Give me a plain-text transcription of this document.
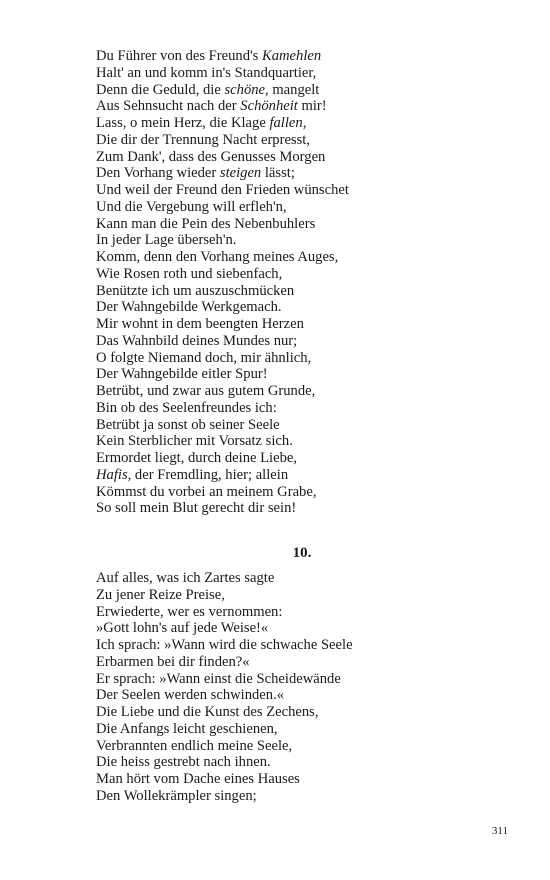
Du Führer von des Freund's Kamehlen
Halt' an und komm in's Standquartier,
Denn die Geduld, die schöne, mangelt
Aus Sehnsucht nach der Schönheit mir!
Lass, o mein Herz, die Klage fallen,
Die dir der Trennung Nacht erpresst,
Zum Dank', dass des Genusses Morgen
Den Vorhang wieder steigen lässt;
Und weil der Freund den Frieden wünschet
Und die Vergebung will erfleh'n,
Kann man die Pein des Nebenbuhlers
In jeder Lage überseh'n.
Komm, denn den Vorhang meines Auges,
Wie Rosen roth und siebenfach,
Benützte ich um auszuschmücken
Der Wahngebilde Werkgemach.
Mir wohnt in dem beengten Herzen
Das Wahnbild deines Mundes nur;
O folgte Niemand doch, mir ähnlich,
Der Wahngebilde eitler Spur!
Betrübt, und zwar aus gutem Grunde,
Bin ob des Seelenfreundes ich:
Betrübt ja sonst ob seiner Seele
Kein Sterblicher mit Vorsatz sich.
Ermordet liegt, durch deine Liebe,
Hafis, der Fremdling, hier; allein
Kömmst du vorbei an meinem Grabe,
So soll mein Blut gerecht dir sein!
10.
Auf alles, was ich Zartes sagte
Zu jener Reize Preise,
Erwiederte, wer es vernommen:
»Gott lohn's auf jede Weise!«
Ich sprach: »Wann wird die schwache Seele
Erbarmen bei dir finden?«
Er sprach: »Wann einst die Scheidewände
Der Seelen werden schwinden.«
Die Liebe und die Kunst des Zechens,
Die Anfangs leicht geschienen,
Verbrannten endlich meine Seele,
Die heiss gestrebt nach ihnen.
Man hört vom Dache eines Hauses
Den Wollekrämpler singen;
311
